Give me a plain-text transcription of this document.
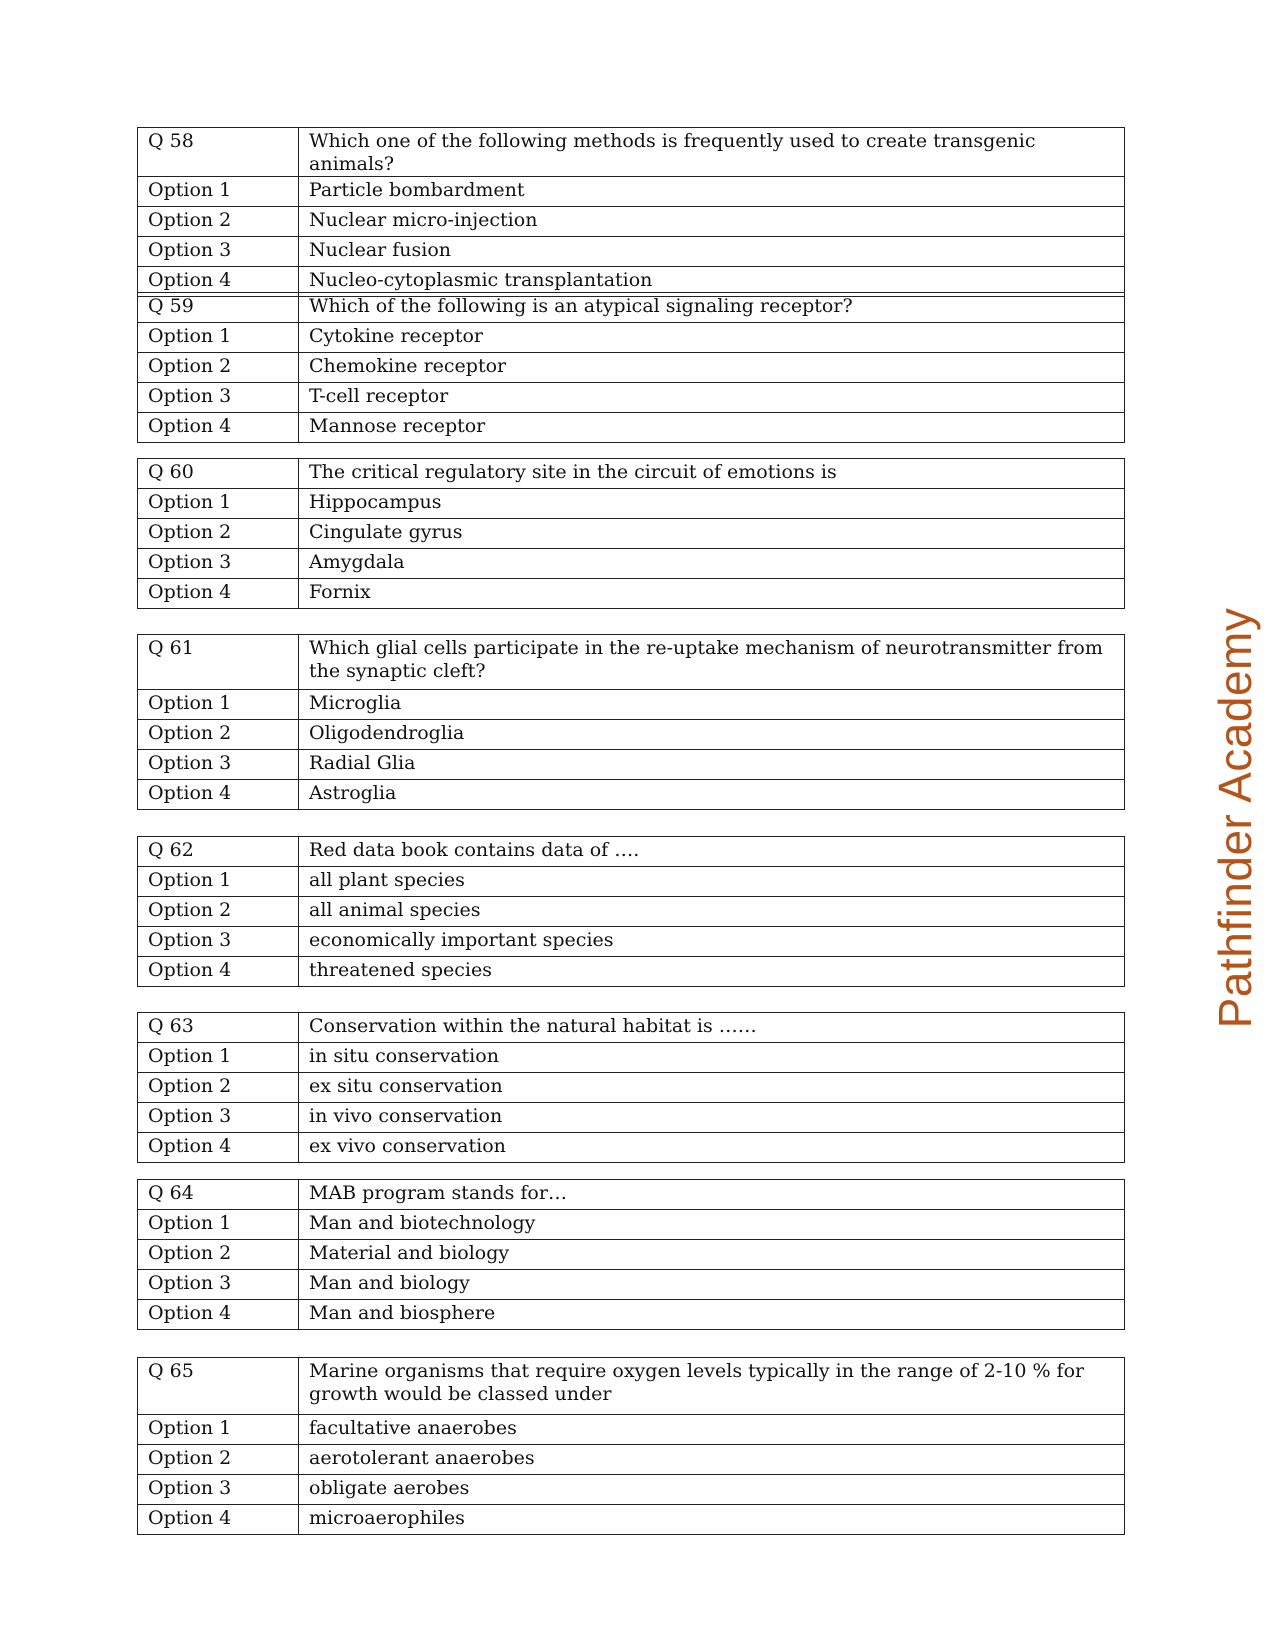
Q 58	Which one of the following methods is frequently used to create transgenic animals?
Option 1	Particle bombardment
Option 2	Nuclear micro-injection
Option 3	Nuclear fusion
Option 4	Nucleo-cytoplasmic transplantation
Q 59	Which of the following is an atypical signaling receptor?
Option 1	Cytokine receptor
Option 2	Chemokine receptor
Option 3	T-cell receptor
Option 4	Mannose receptor
Q 60	The critical regulatory site in the circuit of emotions is
Option 1	Hippocampus
Option 2	Cingulate gyrus
Option 3	Amygdala
Option 4	Fornix
Q 61	Which glial cells participate in the re-uptake mechanism of neurotransmitter from the synaptic cleft?
Option 1	Microglia
Option 2	Oligodendroglia
Option 3	Radial Glia
Option 4	Astroglia
Q 62	Red data book contains data of ….
Option 1	all plant species
Option 2	all animal species
Option 3	economically important species
Option 4	threatened species
Q 63	Conservation within the natural habitat is ……
Option 1	in situ conservation
Option 2	ex situ conservation
Option 3	in vivo conservation
Option 4	ex vivo conservation
Q 64	MAB program stands for…
Option 1	Man and biotechnology
Option 2	Material and biology
Option 3	Man and biology
Option 4	Man and biosphere
Q 65	Marine organisms that require oxygen levels typically in the range of 2-10 % for growth would be classed under
Option 1	facultative anaerobes
Option 2	aerotolerant anaerobes
Option 3	obligate aerobes
Option 4	microaerophiles
Pathfinder Academy
